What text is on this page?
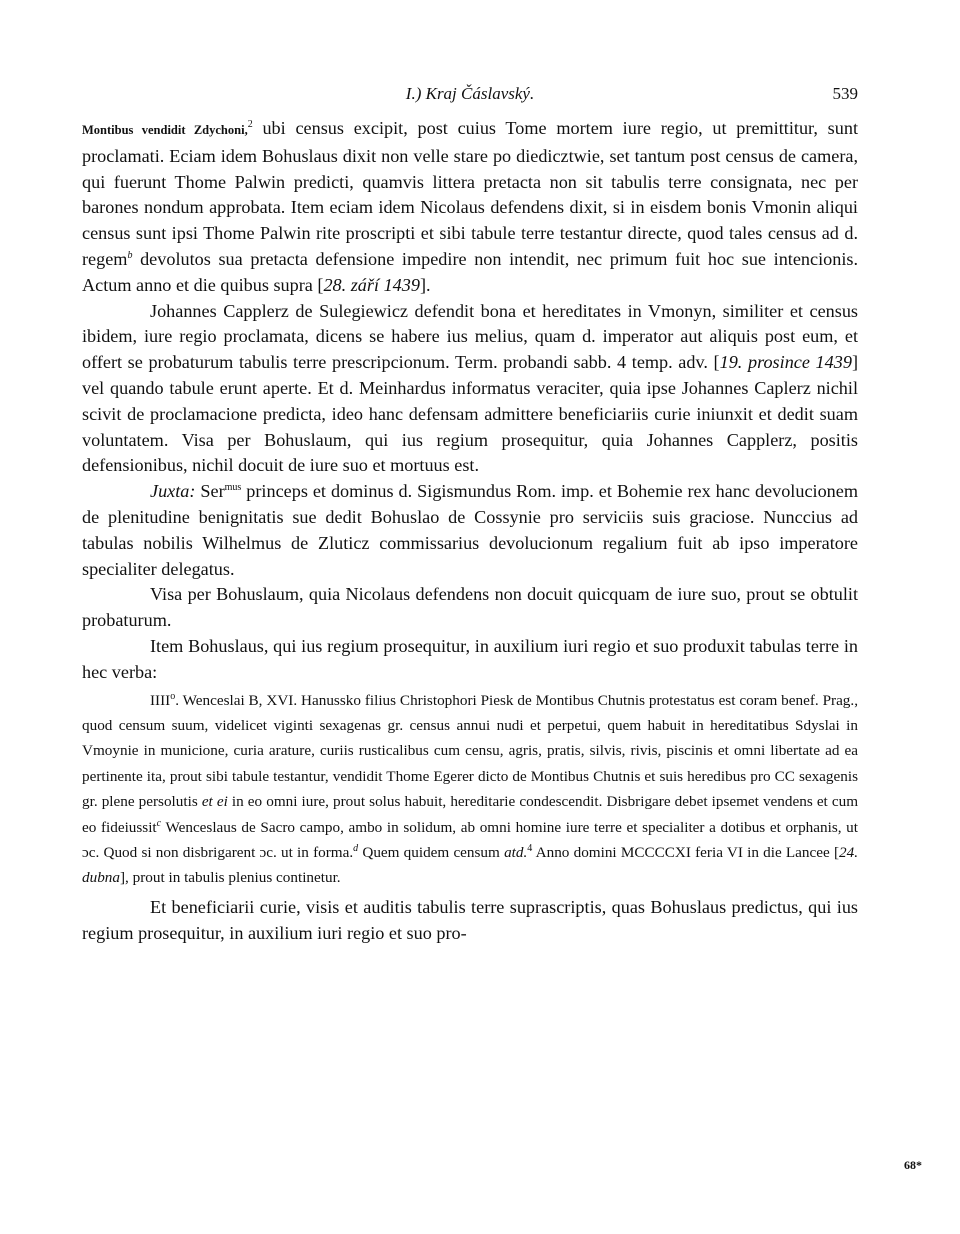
I.) Kraj Čáslavský.	539

Montibus vendidit Zdychoni,$^2$ ubi census excipit, post cuius Tome mortem iure regio, ut premittitur, sunt proclamati. Eciam idem Bohuslaus dixit non velle stare po diedicztwie, set tantum post census de camera, qui fuerunt Thome Palwin predicti, quamvis littera pretacta non sit tabulis terre consignata, nec per barones nondum approbata. Item eciam idem Nicolaus defendens dixit, si in eisdem bonis Vmonin aliqui census sunt ipsi Thome Palwin rite proscripti et sibi tabule terre testantur directe, quod tales census ad d. regem$^b$ devolutos sua pretacta defensione impedire non intendit, nec primum fuit hoc sue intencionis. Actum anno et die quibus supra [28. září 1439].

Johannes Capplerz de Sulegiewicz defendit bona et hereditates in Vmonyn, similiter et census ibidem, iure regio proclamata, dicens se habere ius melius, quam d. imperator aut aliquis post eum, et offert se probaturum tabulis terre prescripcionum. Term. probandi sabb. 4 temp. adv. [19. prosince 1439] vel quando tabule erunt aperte. Et d. Meinhardus informatus veraciter, quia ipse Johannes Caplerz nichil scivit de proclamacione predicta, ideo hanc defensam admittere beneficiariis curie iniunxit et dedit suam voluntatem. Visa per Bohuslaum, qui ius regium prosequitur, quia Johannes Capplerz, positis defensionibus, nichil docuit de iure suo et mortuus est.

Juxta: Ser$^{mus}$ princeps et dominus d. Sigismundus Rom. imp. et Bohemie rex hanc devolucionem de plenitudine benignitatis sue dedit Bohuslao de Cossynie pro serviciis suis graciose. Nunccius ad tabulas nobilis Wilhelmus de Zluticz commissarius devolucionum regalium fuit ab ipso imperatore specialiter delegatus.

Visa per Bohuslaum, quia Nicolaus defendens non docuit quicquam de iure suo, prout se obtulit probaturum.

Item Bohuslaus, qui ius regium prosequitur, in auxilium iuri regio et suo produxit tabulas terre in hec verba:

IIII$^o$. Wenceslai B, XVI. Hanussko filius Christophori Piesk de Montibus Chutnis protestatus est coram benef. Prag., quod censum suum, videlicet viginti sexagenas gr. census annui nudi et perpetui, quem habuit in hereditatibus Sdyslai in Vmoynie in municione, curia arature, curiis rusticalibus cum censu, agris, pratis, silvis, rivis, piscinis et omni libertate ad ea pertinente ita, prout sibi tabule testantur, vendidit Thome Egerer dicto de Montibus Chutnis et suis heredibus pro CC sexagenis gr. plene persolutis et ei in eo omni iure, prout solus habuit, hereditarie condescendit. Disbrigare debet ipsemet vendens et cum eo fideiussit$^c$ Wenceslaus de Sacro campo, ambo in solidum, ab omni homine iure terre et specialiter a dotibus et orphanis, ut ɔc. Quod si non disbrigarent ɔc. ut in forma.$^d$ Quem quidem censum atd.$^4$ Anno domini MCCCCXI feria VI in die Lancee [24. dubna], prout in tabulis plenius continetur.

Et beneficiarii curie, visis et auditis tabulis terre suprascriptis, quas Bohuslaus predictus, qui ius regium prosequitur, in auxilium iuri regio et suo pro-

68*
